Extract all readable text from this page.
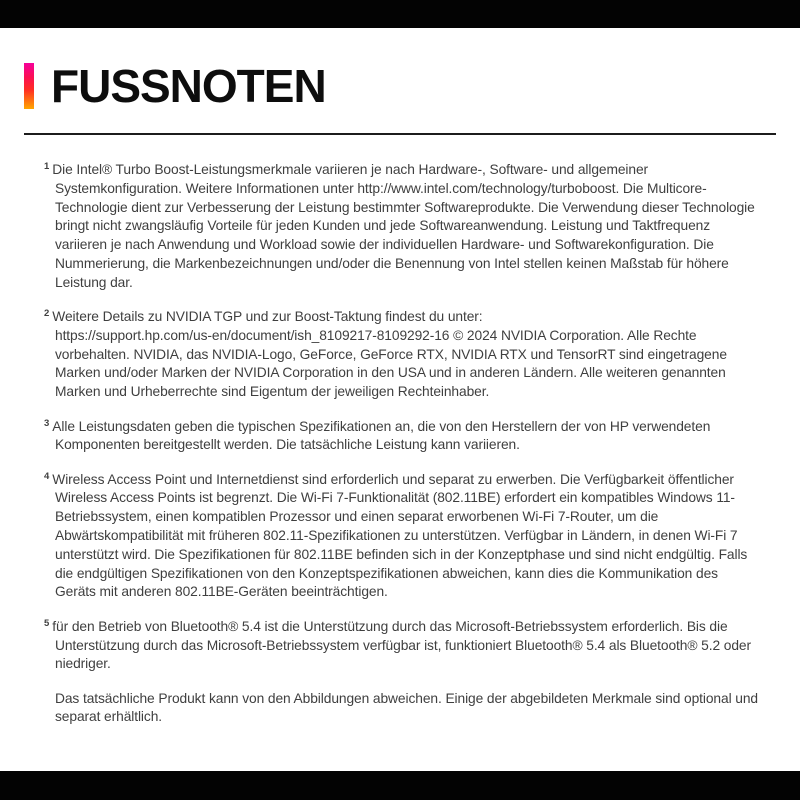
FUSSNOTEN

$^1$ Die Intel® Turbo Boost-Leistungsmerkmale variieren je nach Hardware-, Software- und allgemeiner Systemkonfiguration. Weitere Informationen unter http://www.intel.com/technology/turboboost. Die Multicore-Technologie dient zur Verbesserung der Leistung bestimmter Softwareprodukte. Die Verwendung dieser Technologie bringt nicht zwangsläufig Vorteile für jeden Kunden und jede Softwareanwendung. Leistung und Taktfrequenz variieren je nach Anwendung und Workload sowie der individuellen Hardware- und Softwarekonfiguration. Die Nummerierung, die Markenbezeichnungen und/oder die Benennung von Intel stellen keinen Maßstab für höhere Leistung dar.

$^2$ Weitere Details zu NVIDIA TGP und zur Boost-Taktung findest du unter: https://support.hp.com/us-en/document/ish_8109217-8109292-16 © 2024 NVIDIA Corporation. Alle Rechte vorbehalten. NVIDIA, das NVIDIA-Logo, GeForce, GeForce RTX, NVIDIA RTX und TensorRT sind eingetragene Marken und/oder Marken der NVIDIA Corporation in den USA und in anderen Ländern. Alle weiteren genannten Marken und Urheberrechte sind Eigentum der jeweiligen Rechteinhaber.

$^3$ Alle Leistungsdaten geben die typischen Spezifikationen an, die von den Herstellern der von HP verwendeten Komponenten bereitgestellt werden. Die tatsächliche Leistung kann variieren.

$^4$ Wireless Access Point und Internetdienst sind erforderlich und separat zu erwerben. Die Verfügbarkeit öffentlicher Wireless Access Points ist begrenzt. Die Wi-Fi 7-Funktionalität (802.11BE) erfordert ein kompatibles Windows 11-Betriebssystem, einen kompatiblen Prozessor und einen separat erworbenen Wi-Fi 7-Router, um die Abwärtskompatibilität mit früheren 802.11-Spezifikationen zu unterstützen. Verfügbar in Ländern, in denen Wi-Fi 7 unterstützt wird. Die Spezifikationen für 802.11BE befinden sich in der Konzeptphase und sind nicht endgültig. Falls die endgültigen Spezifikationen von den Konzeptspezifikationen abweichen, kann dies die Kommunikation des Geräts mit anderen 802.11BE-Geräten beeinträchtigen.

$^5$ für den Betrieb von Bluetooth® 5.4 ist die Unterstützung durch das Microsoft-Betriebssystem erforderlich. Bis die Unterstützung durch das Microsoft-Betriebssystem verfügbar ist, funktioniert Bluetooth® 5.4 als Bluetooth® 5.2 oder niedriger.

Das tatsächliche Produkt kann von den Abbildungen abweichen. Einige der abgebildeten Merkmale sind optional und separat erhältlich.
